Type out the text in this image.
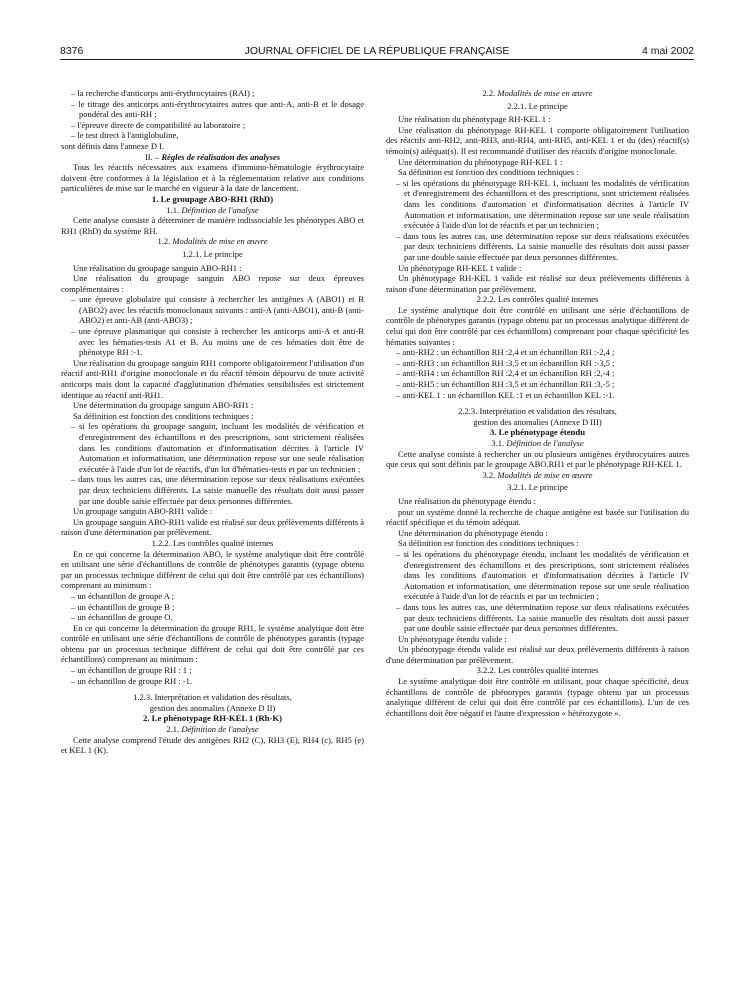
8376	JOURNAL OFFICIEL DE LA RÉPUBLIQUE FRANÇAISE	4 mai 2002

– la recherche d'anticorps anti-érythrocytaires (RAI) ;

– le titrage des anticorps anti-érythrocytaires autres que anti-A, anti-B et le dosage pondéral des anti-RH ;

– l'épreuve directe de compatibilité au laboratoire ;

– le test direct à l'antiglobuline,

sont définis dans l'annexe D I.

II. – Règles de réalisation des analyses

Tous les réactifs nécessaires aux examens d'immuno-hématologie érythrocytaire doivent être conformes à la législation et à la réglementation relative aux conditions particulières de mise sur le marché en vigueur à la date de lancement.

1. Le groupage ABO-RH1 (RhD)

1.1. Définition de l'analyse

Cette analyse consiste à déterminer de manière indissociable les phénotypes ABO et RH1 (RhD) du système RH.

1.2. Modalités de mise en œuvre

1.2.1. Le principe

Une réalisation du groupage sanguin ABO-RH1 :

Une réalisation du groupage sanguin ABO repose sur deux épreuves complémentaires :

– une épreuve globulaire qui consiste à rechercher les antigènes A (ABO1) et B (ABO2) avec les réactifs monoclonaux suivants : anti-A (anti-ABO1), anti-B (anti-ABO2) et anti-AB (anti-ABO3) ;

– une épreuve plasmatique qui consiste à rechercher les anticorps anti-A et anti-B avec les hématies-tests A1 et B. Au moins une de ces hématies doit être de phénotype RH :-1.

Une réalisation du groupage sanguin RH1 comporte obligatoirement l'utilisation d'un réactif anti-RH1 d'origine monoclonale et du réactif témoin dépourvu de toute activité anticorps mais dont la capacité d'agglutination d'hématies sensibilisées est strictement identique au réactif anti-RH1.

Une détermination du groupage sanguin ABO-RH1 :

Sa définition est fonction des conditions techniques :

– si les opérations du groupage sanguin, incluant les modalités de vérification et d'enregistrement des échantillons et des prescriptions, sont strictement réalisées dans les conditions d'automation et d'informatisation décrites à l'article IV Automation et informatisation, une détermination repose sur une seule réalisation exécutée à l'aide d'un lot de réactifs, d'un lot d'hématies-tests et par un technicien ;

– dans tous les autres cas, une détermination repose sur deux réalisations exécutées par deux techniciens différents. La saisie manuelle des résultats doit aussi passer par une double saisie effectuée par deux personnes différentes.

Un groupage sanguin ABO-RH1 valide :

Un groupage sanguin ABO-RH1 valide est réalisé sur deux prélèvements différents à raison d'une détermination par prélèvement.

1.2.2. Les contrôles qualité internes

En ce qui concerne la détermination ABO, le système analytique doit être contrôlé en utilisant une série d'échantillons de contrôle de phénotypes garantis (typage obtenu par un processus technique différent de celui qui doit être contrôlé par ces échantillons) comprenant au minimum :

– un échantillon de groupe A ;

– un échantillon de groupe B ;

– un échantillon de groupe O.

En ce qui concerne la détermination du groupe RH1, le système analytique doit être contrôlé en utilisant une série d'échantillons de contrôle de phénotypes garantis (typage obtenu par un processus technique différent de celui qui doit être contrôlé par ces échantillons) comprenant au minimum :

– un échantillon de groupe RH : 1 ;

– un échantillon de groupe RH : -1.

1.2.3. Interprétation et validation des résultats,

gestion des anomalies (Annexe D II)

2. Le phénotypage RH-KEL 1 (Rh-K)

2.1. Définition de l'analyse

Cette analyse comprend l'étude des antigènes RH2 (C), RH3 (E), RH4 (c), RH5 (e) et KEL 1 (K).

2.2. Modalités de mise en œuvre

2.2.1. Le principe

Une réalisation du phénotypage RH-KEL 1 :

Une réalisation du phénotypage RH-KEL 1 comporte obligatoirement l'utilisation des réactifs anti-RH2, anti-RH3, anti-RH4, anti-RH5, anti-KEL 1 et du (des) réactif(s) témoin(s) adéquat(s). Il est recommandé d'utiliser des réactifs d'origine monoclonale.

Une détermination du phénotypage RH-KEL 1 :

Sa définition est fonction des conditions techniques :

– si les opérations du phénotypage RH-KEL 1, incluant les modalités de vérification et d'enregistrement des échantillons et des prescriptions, sont strictement réalisées dans les conditions d'automation et d'informatisation décrites à l'article IV Automation et informatisation, une détermination repose sur une seule réalisation exécutée à l'aide d'un lot de réactifs et par un technicien ;

– dans tous les autres cas, une détermination repose sur deux réalisations exécutées par deux techniciens différents. La saisie manuelle des résultats doit aussi passer par une double saisie effectuée par deux personnes différentes.

Un phénotypage RH-KEL 1 valide :

Un phénotypage RH-KEL 1 valide est réalisé sur deux prélèvements différents à raison d'une détermination par prélèvement.

2.2.2. Les contrôles qualité internes

Le système analytique doit être contrôlé en utilisant une série d'échantillons de contrôle de phénotypes garantis (typage obtenu par un processus analytique différent de celui qui doit être contrôlé par ces échantillons) comprenant pour chaque spécificité les hématies suivantes :

– anti-RH2 : un échantillon RH :2,4 et un échantillon RH :-2,4 ;

– anti-RH3 : un échantillon RH :3,5 et un échantillon RH :-3,5 ;

– anti-RH4 : un échantillon RH :2,4 et un échantillon RH :2,-4 ;

– anti-RH5 : un échantillon RH :3,5 et un échantillon RH :3,-5 ;

– anti-KEL 1 : un échantillon KEL :1 et un échantillon KEL :-1.

2.2.3. Interprétation et validation des résultats,

gestion des anomalies (Annexe D III)

3. Le phénotypage étendu

3.1. Définition de l'analyse

Cette analyse consiste à rechercher un ou plusieurs antigènes érythrocytaires autres que ceux qui sont définis par le groupage ABO.RH1 et par le phénotypage RH-KEL 1.

3.2. Modalités de mise en œuvre

3.2.1. Le principe

Une réalisation du phénotypage étendu :

pour un système donné la recherche de chaque antigène est basée sur l'utilisation du réactif spécifique et du témoin adéquat.

Une détermination du phénotypage étendu :

Sa définition est fonction des conditions techniques :

– si les opérations du phénotypage étendu, incluant les modalités de vérification et d'enregistrement des échantillons et des prescriptions, sont strictement réalisées dans les conditions d'automation et d'informatisation décrites à l'article IV Automation et informatisation, une détermination repose sur une seule réalisation exécutée à l'aide d'un lot de réactifs et par un technicien ;

– dans tous les autres cas, une détermination repose sur deux réalisations exécutées par deux techniciens différents. La saisie manuelle des résultats doit aussi passer par une double saisie effectuée par deux personnes différentes.

Un phénotypage étendu valide :

Un phénotypage étendu valide est réalisé sur deux prélèvements différents à raison d'une détermination par prélèvement.

3.2.2. Les contrôles qualité internes

Le système analytique doit être contrôlé en utilisant, pour chaque spécificité, deux échantillons de contrôle de phénotypes garantis (typage obtenu par un processus analytique différent de celui qui doit être contrôlé par ces échantillons). L'un de ces échantillons doit être négatif et l'autre d'expression « hétérozygote ».
